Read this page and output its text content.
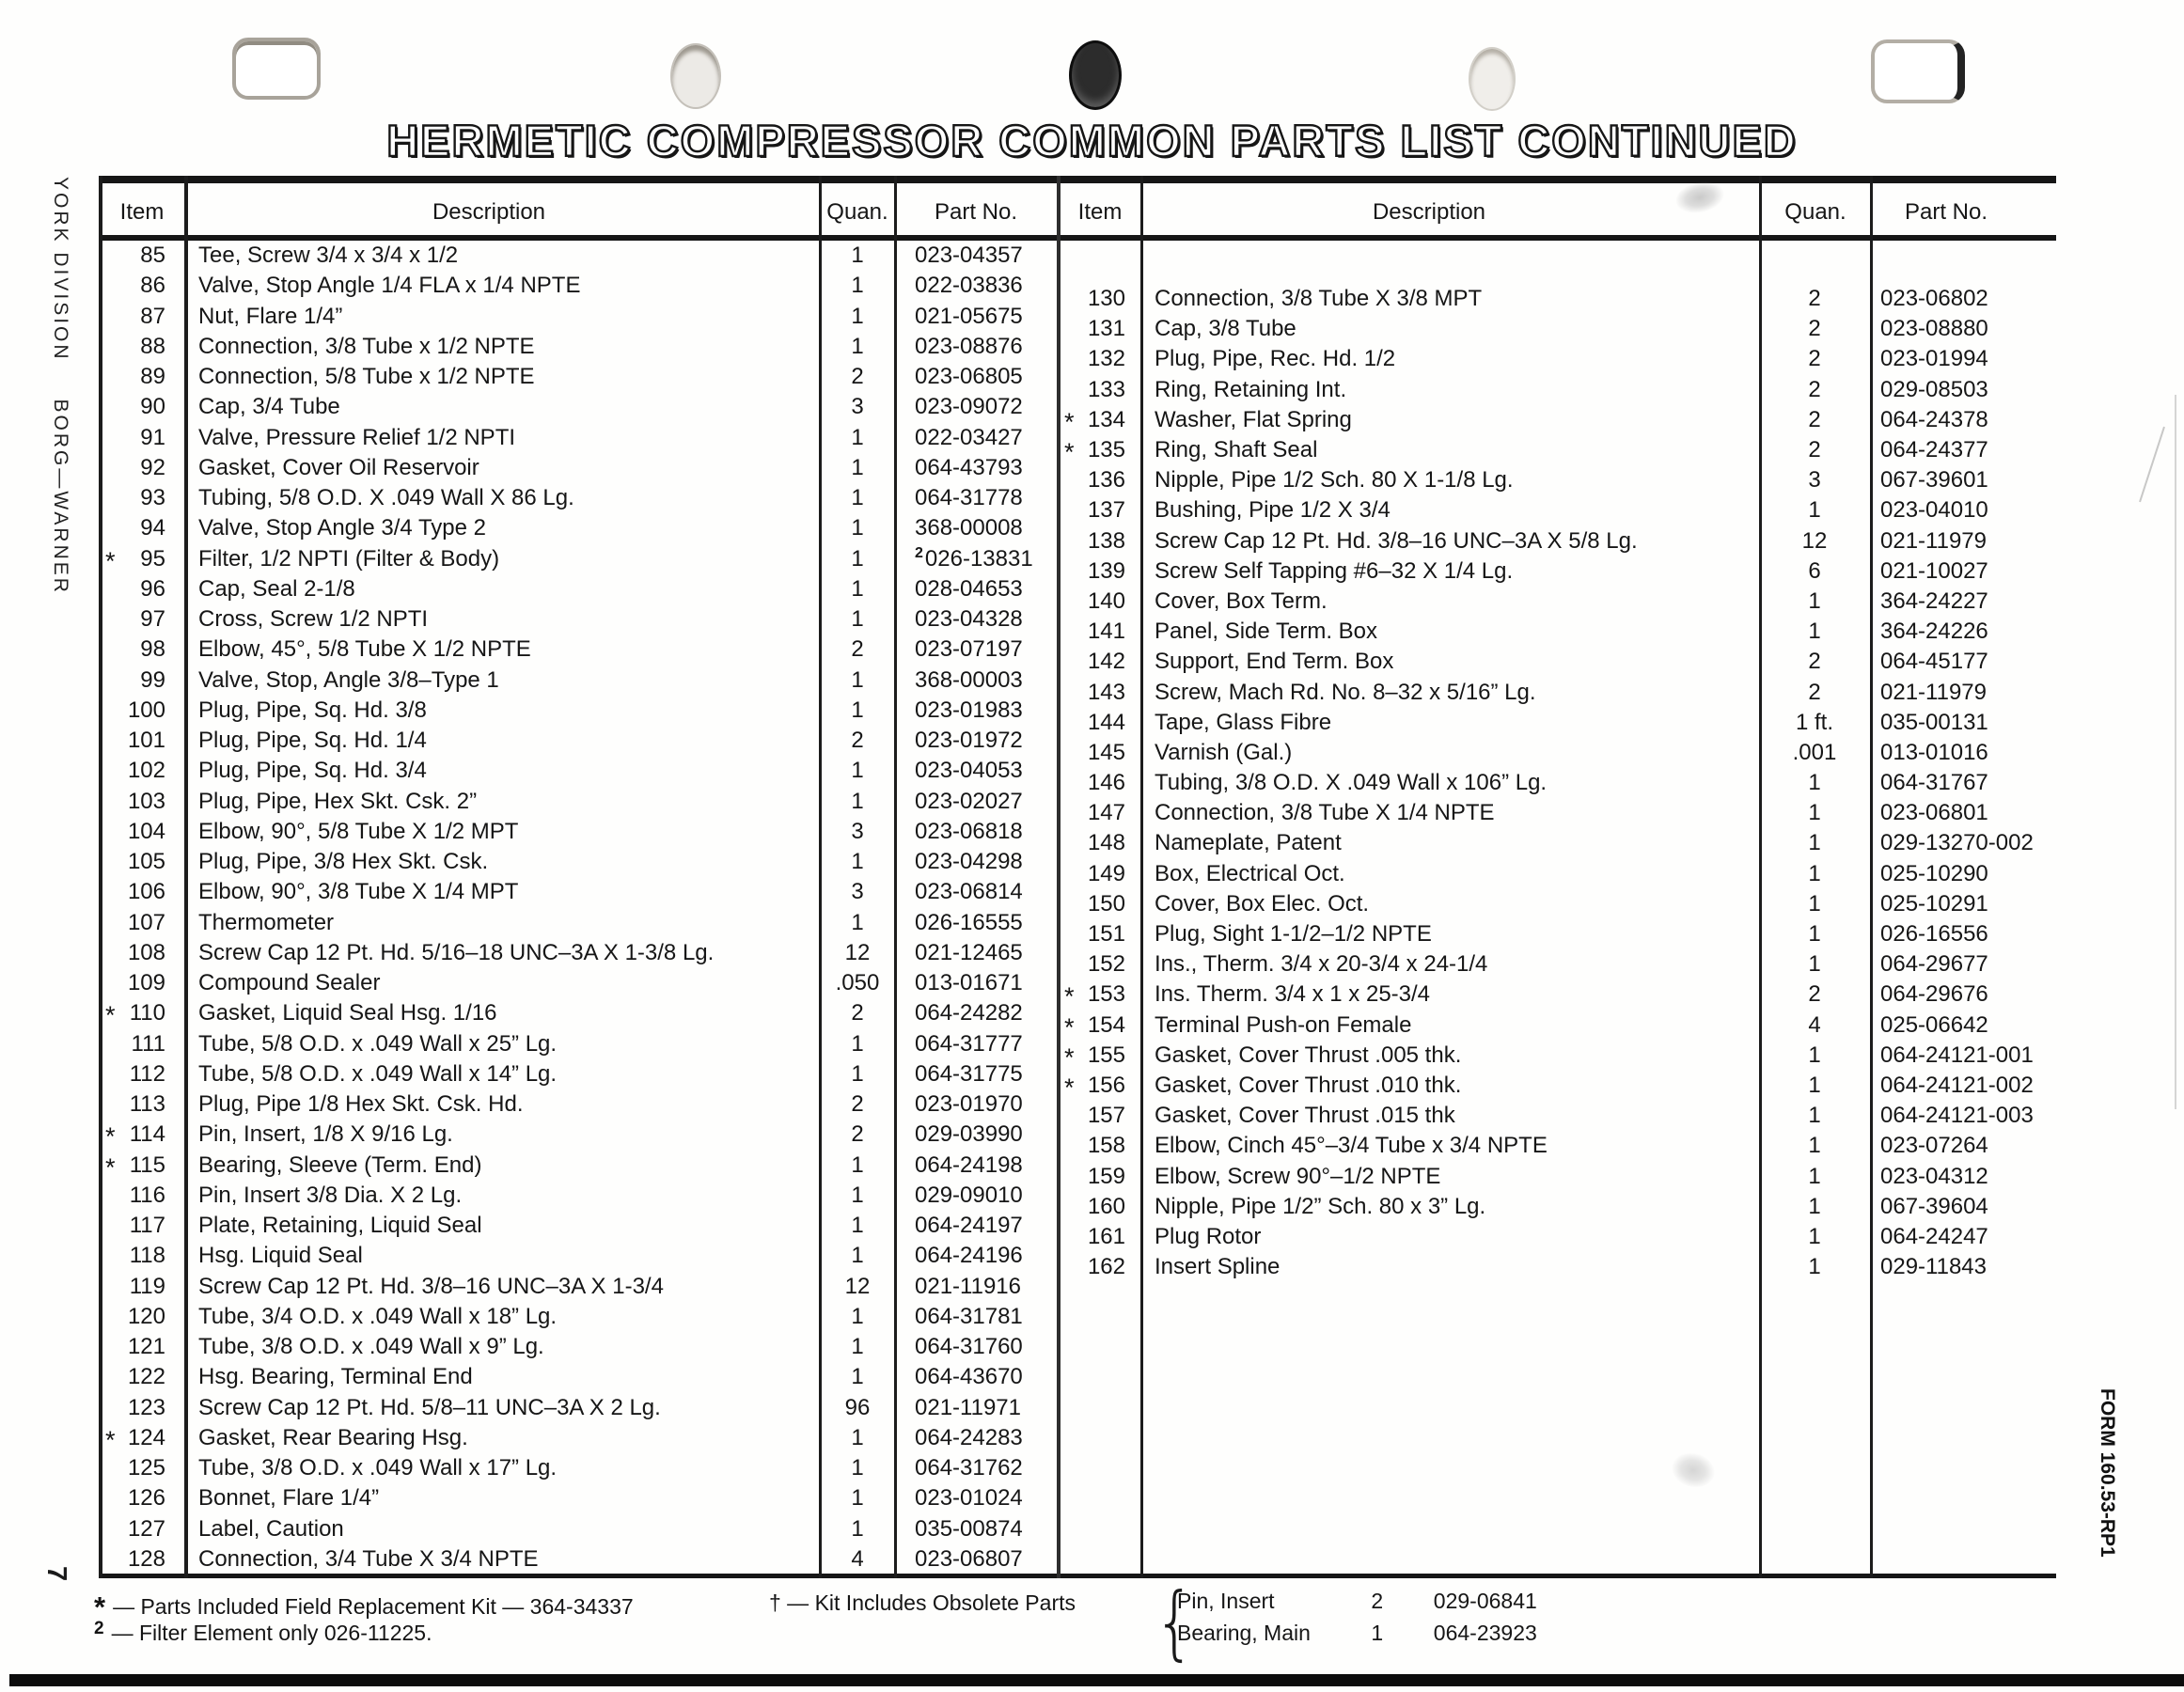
HERMETIC COMPRESSOR COMMON PARTS LIST CONTINUED
YORK DIVISION
BORG—WARNER
Item	Description	Quan. Part No.	Item	Description	Quan.	Part No.
85	Tee, Screw 3/4 x 3/4 x 1/2	1	023-04357
86	Valve, Stop Angle 1/4 FLA x 1/4 NPTE	1	022-03836
87	Nut, Flare 1/4”	1	021-05675
88	Connection, 3/8 Tube x 1/2 NPTE	1	023-08876
89	Connection, 5/8 Tube x 1/2 NPTE	2	023-06805
90	Cap, 3/4 Tube	3	023-09072
91	Valve, Pressure Relief 1/2 NPTI	1	022-03427
92	Gasket, Cover Oil Reservoir	1	064-43793
93	Tubing, 5/8 O.D. X .049 Wall X 86 Lg.	1	064-31778
94	Valve, Stop Angle 3/4 Type 2	1	368-00008
* 95	Filter, 1/2 NPTI (Filter & Body)	1	$^2$026-13831
96	Cap, Seal 2-1/8	1	028-04653
97	Cross, Screw 1/2 NPTI	1	023-04328
98	Elbow, 45°, 5/8 Tube X 1/2 NPTE	2	023-07197
99	Valve, Stop, Angle 3/8–Type 1	1	368-00003
100	Plug, Pipe, Sq. Hd. 3/8	1	023-01983
101	Plug, Pipe, Sq. Hd. 1/4	2	023-01972
102	Plug, Pipe, Sq. Hd. 3/4	1	023-04053
103	Plug, Pipe, Hex Skt. Csk. 2”	1	023-02027
104	Elbow, 90°, 5/8 Tube X 1/2 MPT	3	023-06818
105	Plug, Pipe, 3/8 Hex Skt. Csk.	1	023-04298
106	Elbow, 90°, 3/8 Tube X 1/4 MPT	3	023-06814
107	Thermometer	1	026-16555
108	Screw Cap 12 Pt. Hd. 5/16–18 UNC–3A X 1-3/8 Lg.	12	021-12465
109	Compound Sealer	.050	013-01671
* 110	Gasket, Liquid Seal Hsg. 1/16	2	064-24282
111	Tube, 5/8 O.D. x .049 Wall x 25” Lg.	1	064-31777
112	Tube, 5/8 O.D. x .049 Wall x 14” Lg.	1	064-31775
113	Plug, Pipe 1/8 Hex Skt. Csk. Hd.	2	023-01970
* 114	Pin, Insert, 1/8 X 9/16 Lg.	2	029-03990
* 115	Bearing, Sleeve (Term. End)	1	064-24198
116	Pin, Insert 3/8 Dia. X 2 Lg.	1	029-09010
117	Plate, Retaining, Liquid Seal	1	064-24197
118	Hsg. Liquid Seal	1	064-24196
119	Screw Cap 12 Pt. Hd. 3/8–16 UNC–3A X 1-3/4	12	021-11916
120	Tube, 3/4 O.D. x .049 Wall x 18” Lg.	1	064-31781
121	Tube, 3/8 O.D. x .049 Wall x 9” Lg.	1	064-31760
122	Hsg. Bearing, Terminal End	1	064-43670
123	Screw Cap 12 Pt. Hd. 5/8–11 UNC–3A X 2 Lg.	96	021-11971
* 124	Gasket, Rear Bearing Hsg.	1	064-24283
125	Tube, 3/8 O.D. x .049 Wall x 17” Lg.	1	064-31762
126	Bonnet, Flare 1/4”	1	023-01024
127	Label, Caution	1	035-00874
128	Connection, 3/4 Tube X 3/4 NPTE	4	023-06807
130	Connection, 3/8 Tube X 3/8 MPT	2	023-06802
131	Cap, 3/8 Tube	2	023-08880
132	Plug, Pipe, Rec. Hd. 1/2	2	023-01994
133	Ring, Retaining Int.	2	029-08503
* 134	Washer, Flat Spring	2	064-24378
* 135	Ring, Shaft Seal	2	064-24377
136	Nipple, Pipe 1/2 Sch. 80 X 1-1/8 Lg.	3	067-39601
137	Bushing, Pipe 1/2 X 3/4	1	023-04010
138	Screw Cap 12 Pt. Hd. 3/8–16 UNC–3A X 5/8 Lg.	12	021-11979
139	Screw Self Tapping #6–32 X 1/4 Lg.	6	021-10027
140	Cover, Box Term.	1	364-24227
141	Panel, Side Term. Box	1	364-24226
142	Support, End Term. Box	2	064-45177
143	Screw, Mach Rd. No. 8–32 x 5/16” Lg.	2	021-11979
144	Tape, Glass Fibre	1 ft.	035-00131
145	Varnish (Gal.)	.001	013-01016
146	Tubing, 3/8 O.D. X .049 Wall x 106” Lg.	1	064-31767
147	Connection, 3/8 Tube X 1/4 NPTE	1	023-06801
148	Nameplate, Patent	1	029-13270-002
149	Box, Electrical Oct.	1	025-10290
150	Cover, Box Elec. Oct.	1	025-10291
151	Plug, Sight 1-1/2–1/2 NPTE	1	026-16556
152	Ins., Therm. 3/4 x 20-3/4 x 24-1/4	1	064-29677
* 153	Ins. Therm. 3/4 x 1 x 25-3/4	2	064-29676
* 154	Terminal Push-on Female	4	025-06642
* 155	Gasket, Cover Thrust .005 thk.	1	064-24121-001
* 156	Gasket, Cover Thrust .010 thk.	1	064-24121-002
157	Gasket, Cover Thrust .015 thk	1	064-24121-003
158	Elbow, Cinch 45°–3/4 Tube x 3/4 NPTE	1	023-07264
159	Elbow, Screw 90°–1/2 NPTE	1	023-04312
160	Nipple, Pipe 1/2” Sch. 80 x 3” Lg.	1	067-39604
161	Plug Rotor	1	064-24247
162	Insert Spline	1	029-11843
* — Parts Included Field Replacement Kit — 364-34337	† — Kit Includes Obsolete Parts
$^2$ — Filter Element only 026-11225.	{
Pin, Insert	2 029-06841
Bearing, Main	1 064-23923
FORM 160.53-RP1
7
